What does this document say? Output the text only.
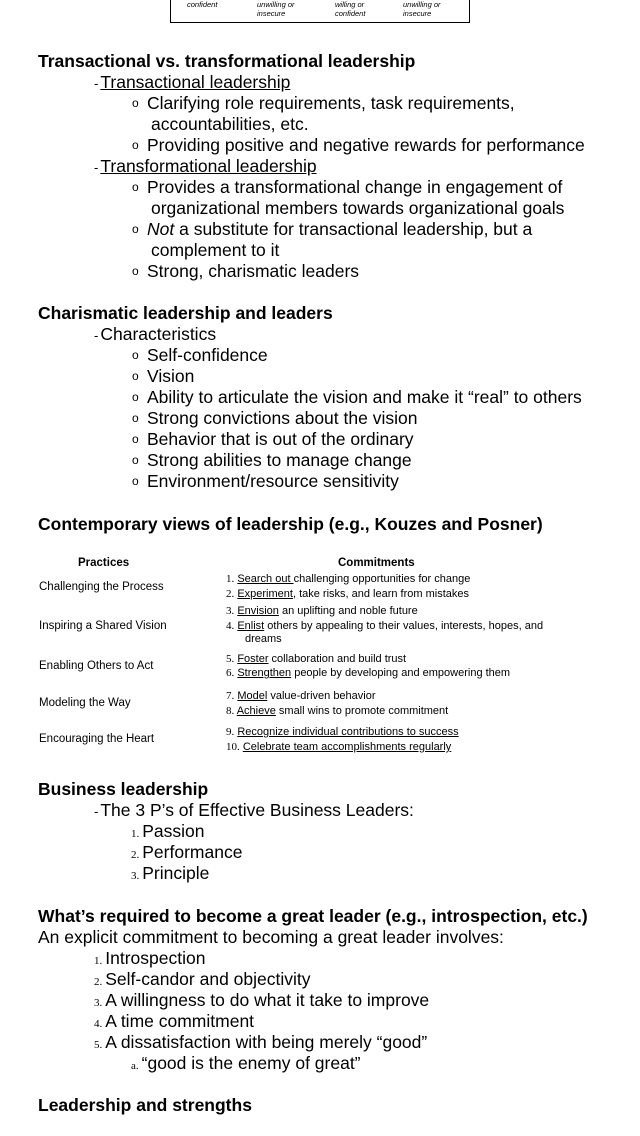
confident	unwilling or insecure
willing or confident
unwilling or insecure
Transactional vs. transformational leadership
- Transactional leadership
o Clarifying role requirements, task requirements,
accountabilities, etc.
o Providing positive and negative rewards for performance
- Transformational leadership
o Provides a transformational change in engagement of
organizational members towards organizational goals
o Not a substitute for transactional leadership, but a
complement to it
o Strong, charismatic leaders
Charismatic leadership and leaders
- Characteristics
o Self-confidence
o Vision
o Ability to articulate the vision and make it “real” to others
o Strong convictions about the vision
o Behavior that is out of the ordinary
o Strong abilities to manage change
o Environment/resource sensitivity
Contemporary views of leadership (e.g., Kouzes and Posner)
Practices	Commitments
Challenging the Process
1. Search out challenging opportunities for change
2. Experiment, take risks, and learn from mistakes
Inspiring a Shared Vision
3. Envision an uplifting and noble future
4. Enlist others by appealing to their values, interests, hopes, and
dreams
Enabling Others to Act
5. Foster collaboration and build trust
6. Strengthen people by developing and empowering them
Modeling the Way
7. Model value-driven behavior
8. Achieve small wins to promote commitment
Encouraging the Heart
9. Recognize individual contributions to success
10. Celebrate team accomplishments regularly
Business leadership
- The 3 P’s of Effective Business Leaders:
1. Passion
2. Performance
3. Principle
What’s required to become a great leader (e.g., introspection, etc.)
An explicit commitment to becoming a great leader involves:
1. Introspection
2. Self-candor and objectivity
3. A willingness to do what it take to improve
4. A time commitment
5. A dissatisfaction with being merely “good”
a. “good is the enemy of great”
Leadership and strengths
